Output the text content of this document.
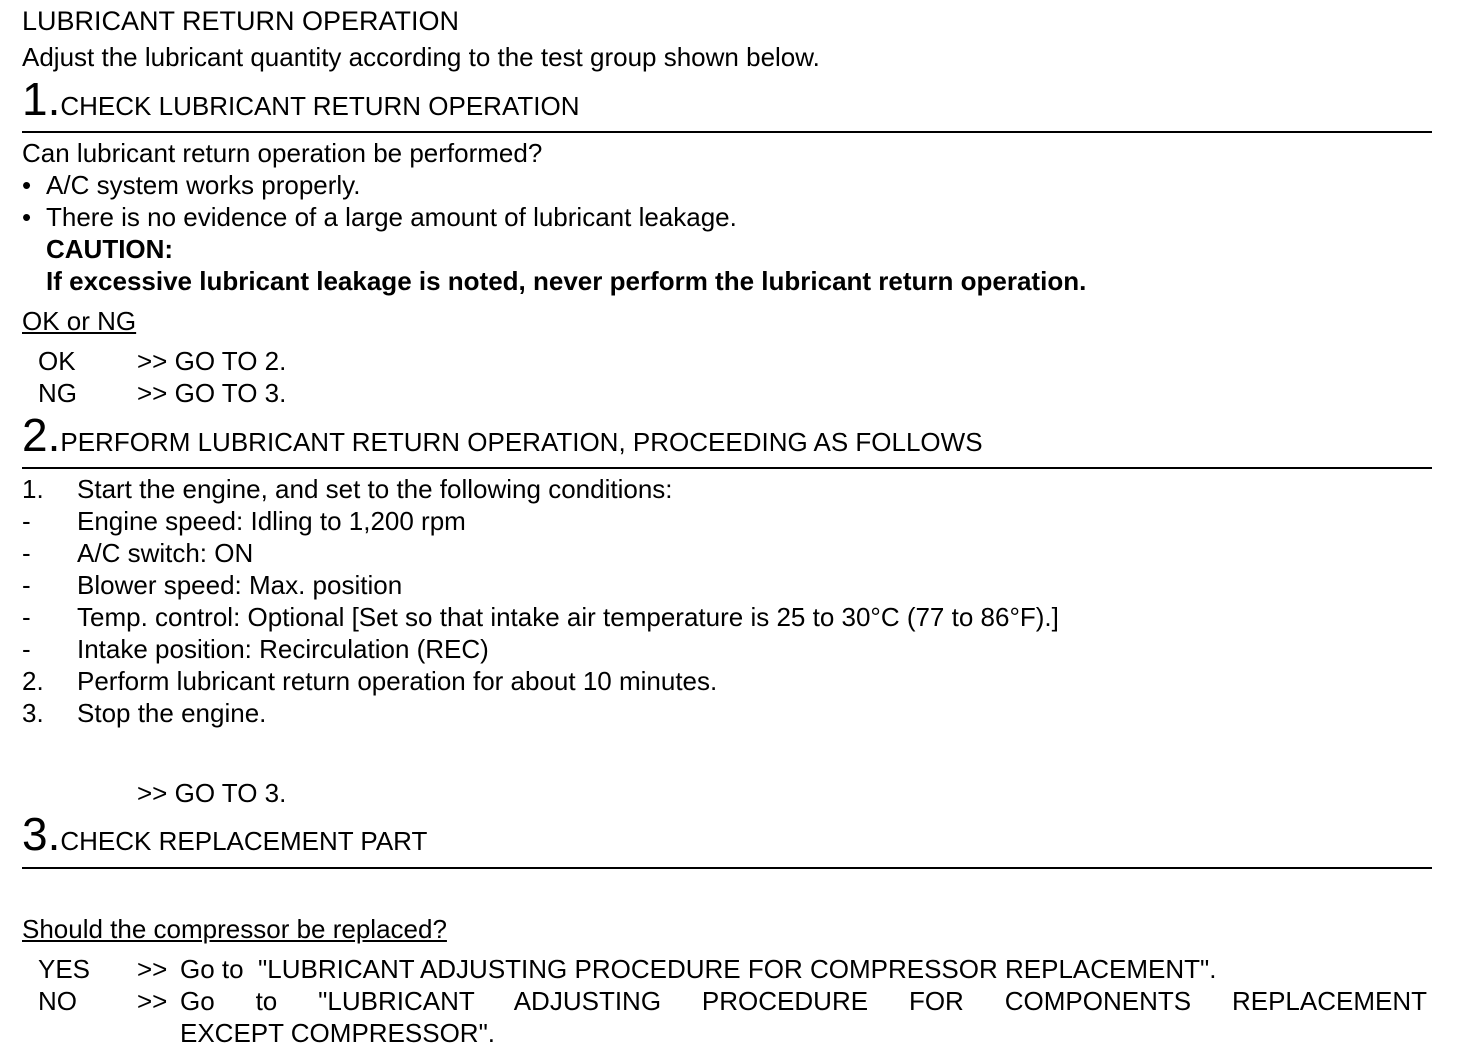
LUBRICANT RETURN OPERATION
Adjust the lubricant quantity according to the test group shown below.
1.CHECK LUBRICANT RETURN OPERATION
Can lubricant return operation be performed?
• A/C system works properly.
• There is no evidence of a large amount of lubricant leakage.
CAUTION:
If excessive lubricant leakage is noted, never perform the lubricant return operation.
OK or NG
OK >> GO TO 2.
NG >> GO TO 3.
2.PERFORM LUBRICANT RETURN OPERATION, PROCEEDING AS FOLLOWS
1. Start the engine, and set to the following conditions:
- Engine speed: Idling to 1,200 rpm
- A/C switch: ON
- Blower speed: Max. position
- Temp. control: Optional [Set so that intake air temperature is 25 to 30°C (77 to 86°F).]
- Intake position: Recirculation (REC)
2. Perform lubricant return operation for about 10 minutes.
3. Stop the engine.
>> GO TO 3.
3.CHECK REPLACEMENT PART
Should the compressor be replaced?
YES >> Go to  "LUBRICANT ADJUSTING PROCEDURE FOR COMPRESSOR REPLACEMENT".
NO >> Go to "LUBRICANT ADJUSTING PROCEDURE FOR COMPONENTS REPLACEMENT
EXCEPT COMPRESSOR".
